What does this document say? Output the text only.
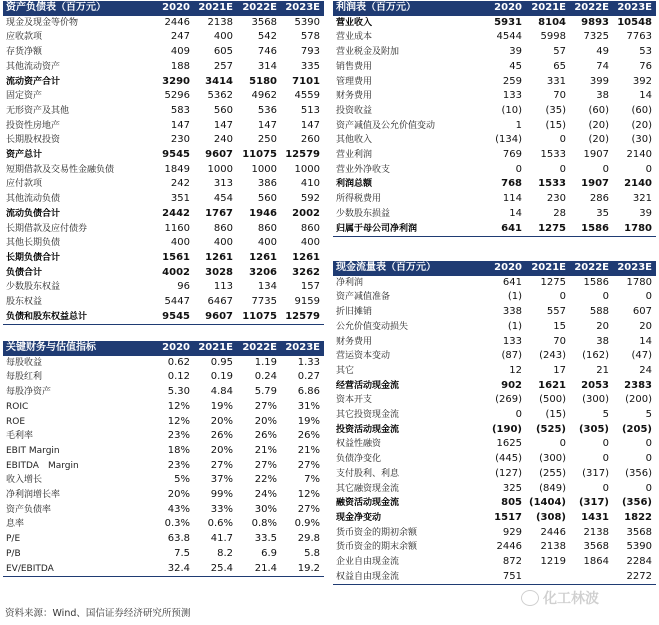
资产负债表（百万元）	2020	2021E	2022E	2023E
现金及现金等价物	2446	2138	3568	5390
应收款项	247	400	542	578
存货净额	409	605	746	793
其他流动资产	188	257	314	335
流动资产合计	3290	3414	5180	7101
固定资产	5296	5362	4962	4559
无形资产及其他	583	560	536	513
投资性房地产	147	147	147	147
长期股权投资	230	240	250	260
资产总计	9545	9607	11075	12579
短期借款及交易性金融负债	1849	1000	1000	1000
应付款项	242	313	386	410
其他流动负债	351	454	560	592
流动负债合计	2442	1767	1946	2002
长期借款及应付债券	1160	860	860	860
其他长期负债	400	400	400	400
长期负债合计	1561	1261	1261	1261
负债合计	4002	3028	3206	3262
少数股东权益	96	113	134	157
股东权益	5447	6467	7735	9159
负债和股东权益总计	9545	9607	11075	12579
关键财务与估值指标	2020	2021E	2022E	2023E
每股收益	0.62	0.95	1.19	1.33
每股红利	0.12	0.19	0.24	0.27
每股净资产	5.30	4.84	5.79	6.86
ROIC	12%	19%	27%	31%
ROE	12%	20%	20%	19%
毛利率	23%	26%	26%	26%
EBIT Margin	18%	20%	21%	21%
EBITDA　Margin	23%	27%	27%	27%
收入增长	5%	37%	22%	7%
净利润增长率	20%	99%	24%	12%
资产负债率	43%	33%	30%	27%
息率	0.3%	0.6%	0.8%	0.9%
P/E	63.8	41.7	33.5	29.8
P/B	7.5	8.2	6.9	5.8
EV/EBITDA	32.4	25.4	21.4	19.2
利润表（百万元）	2020	2021E	2022E	2023E
营业收入	5931	8104	9893	10548
营业成本	4544	5998	7325	7763
营业税金及附加	39	57	49	53
销售费用	45	65	74	76
管理费用	259	331	399	392
财务费用	133	70	38	14
投资收益	(10)	(35)	(60)	(60)
资产减值及公允价值变动	1	(15)	(20)	(20)
其他收入	(134)	0	(20)	(30)
营业利润	769	1533	1907	2140
营业外净收支	0	0	0	0
利润总额	768	1533	1907	2140
所得税费用	114	230	286	321
少数股东损益	14	28	35	39
归属于母公司净利润	641	1275	1586	1780
现金流量表（百万元）	2020	2021E	2022E	2023E
净利润	641	1275	1586	1780
资产减值准备	(1)	0	0	0
折旧摊销	338	557	588	607
公允价值变动损失	(1)	15	20	20
财务费用	133	70	38	14
营运资本变动	(87)	(243)	(162)	(47)
其它	12	17	21	24
经营活动现金流	902	1621	2053	2383
资本开支	(269)	(500)	(300)	(200)
其它投资现金流	0	(15)	5	5
投资活动现金流	(190)	(525)	(305)	(205)
权益性融资	1625	0	0	0
负债净变化	(445)	(300)	0	0
支付股利、利息	(127)	(255)	(317)	(356)
其它融资现金流	325	(849)	0	0
融资活动现金流	805	(1404)	(317)	(356)
现金净变动	1517	(308)	1431	1822
货币资金的期初余额	929	2446	2138	3568
货币资金的期末余额	2446	2138	3568	5390
企业自由现金流	872	1219	1864	2284
权益自由现金流	751			2272
资料来源：Wind、国信证券经济研究所预测
化工林波
